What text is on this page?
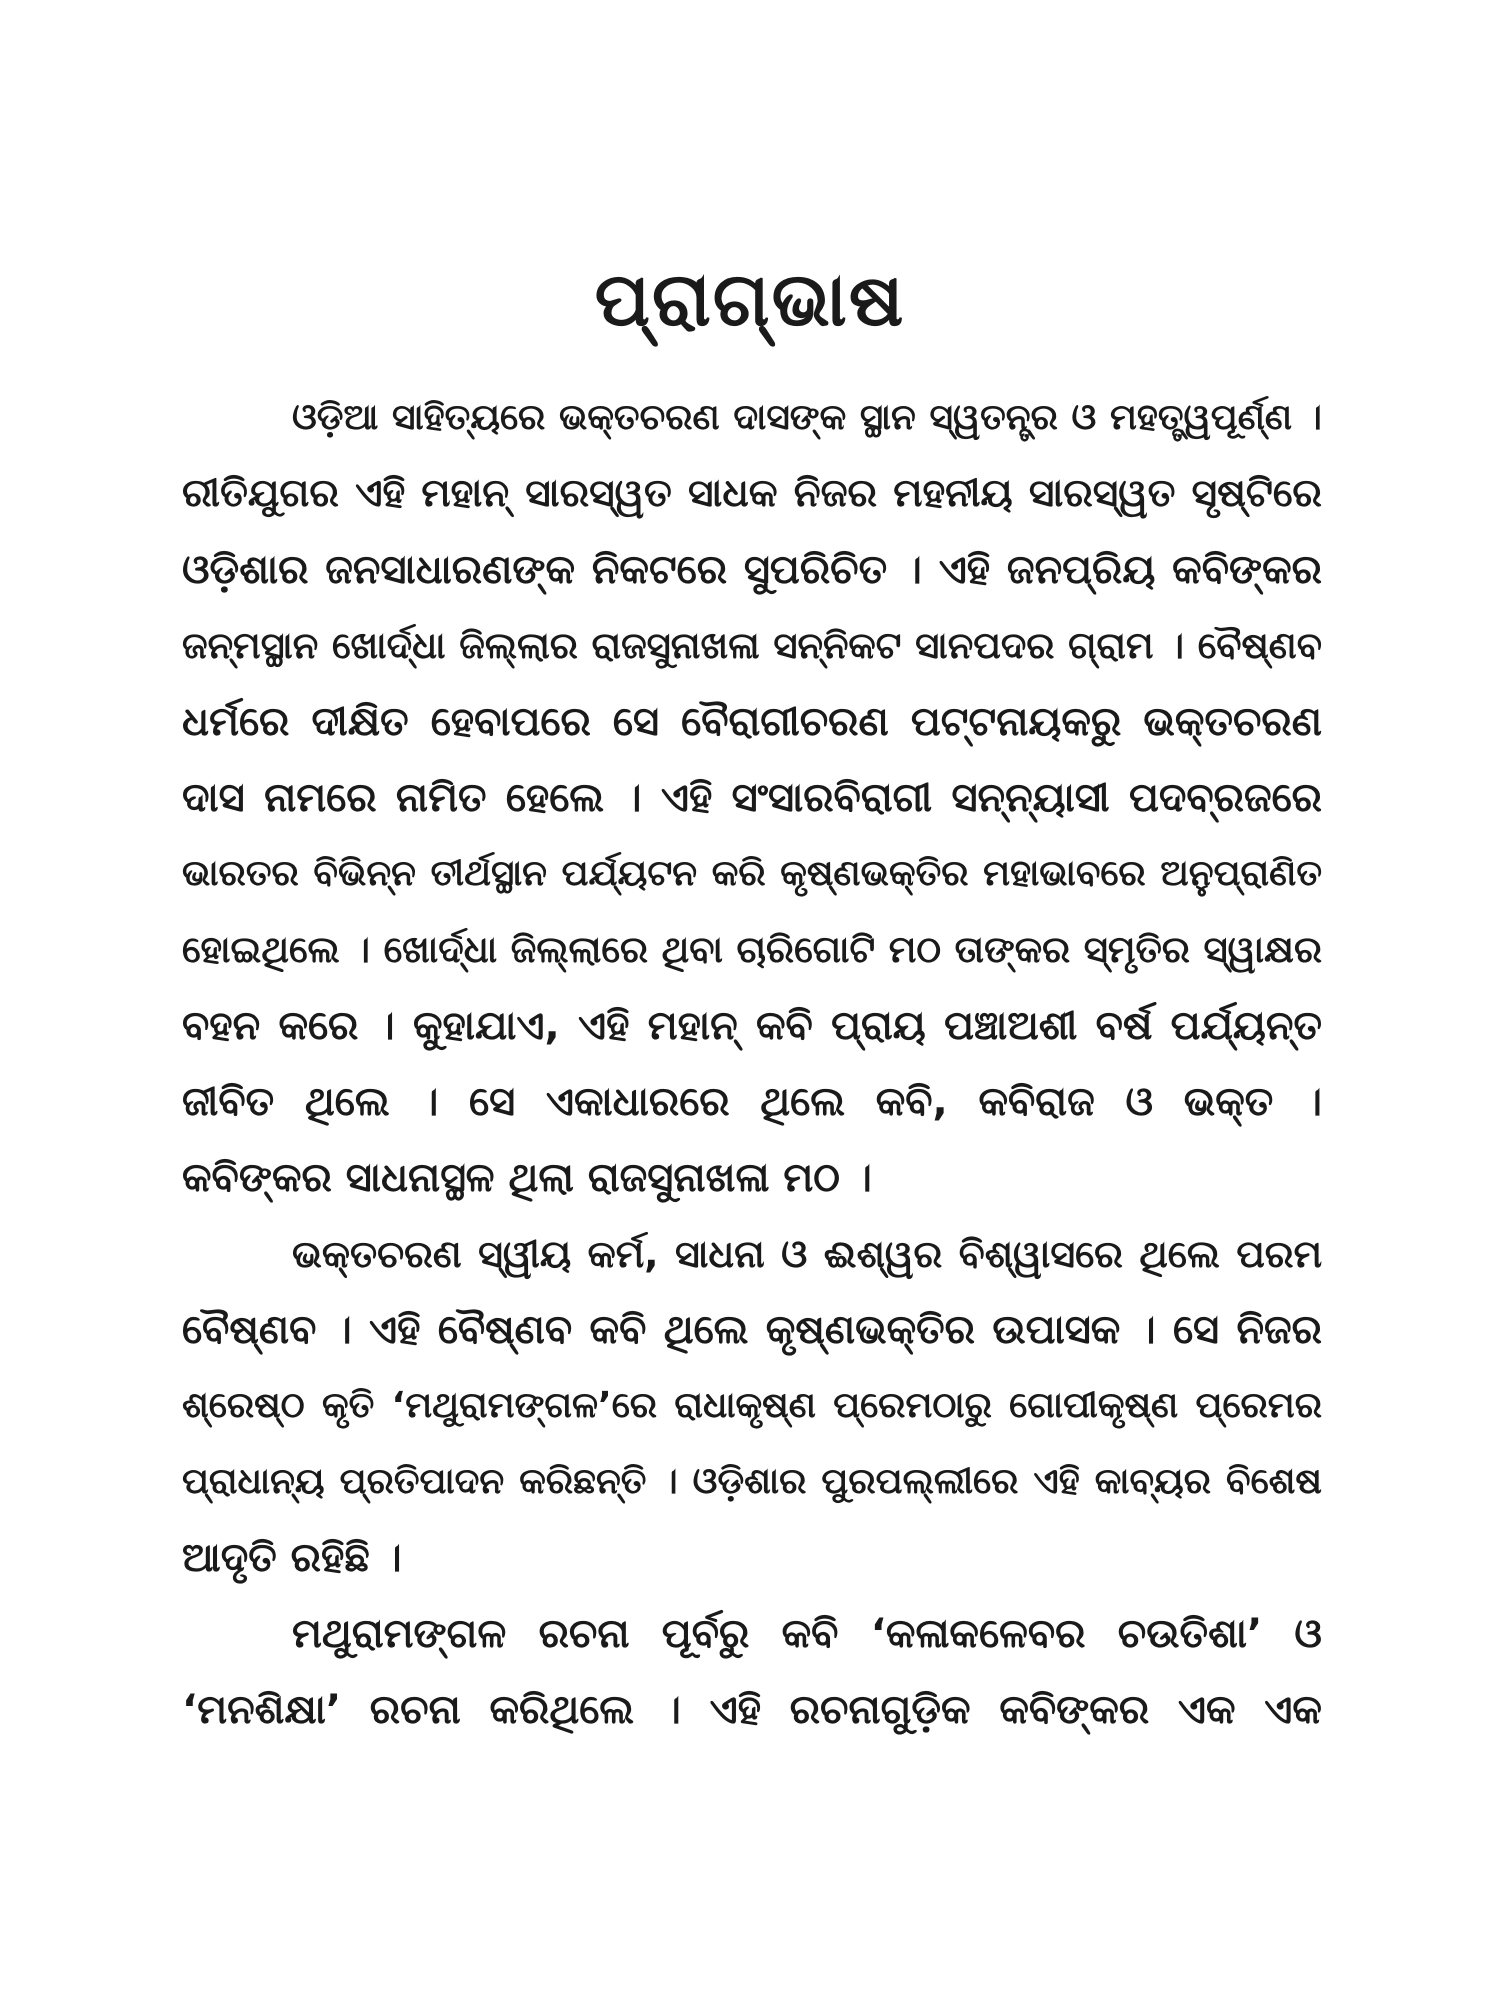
ପ୍ରାଗ୍‌ଭାଷ
ଓଡ଼ିଆ ସାହିତ୍ୟରେ ଭକ୍ତଚରଣ ଦାସଙ୍କ ସ୍ଥାନ ସ୍ୱତନ୍ତ୍ର ଓ ମହତ୍ତ୍ୱପୂର୍ଣ୍ଣ ।
ରୀତିଯୁଗର ଏହି ମହାନ୍ ସାରସ୍ୱତ ସାଧକ ନିଜର ମହନୀୟ ସାରସ୍ୱତ ସୃଷ୍ଟିରେ
ଓଡ଼ିଶାର ଜନସାଧାରଣଙ୍କ ନିକଟରେ ସୁପରିଚିତ । ଏହି ଜନପ୍ରିୟ କବିଙ୍କର
ଜନ୍ମସ୍ଥାନ ଖୋର୍ଦ୍ଧା ଜିଲ୍ଲାର ରାଜସୁନାଖଳା ସନ୍ନିକଟ ସାନପଦର ଗ୍ରାମ । ବୈଷ୍ଣବ
ଧର୍ମରେ ଦୀକ୍ଷିତ ହେବାପରେ ସେ ବୈରାଗୀଚରଣ ପଟ୍ଟନାୟକରୁ ଭକ୍ତଚରଣ
ଦାସ ନାମରେ ନାମିତ ହେଲେ । ଏହି ସଂସାରବିରାଗୀ ସନ୍ନ୍ୟାସୀ ପଦବ୍ରଜରେ
ଭାରତର ବିଭିନ୍ନ ତୀର୍ଥସ୍ଥାନ ପର୍ଯ୍ୟଟନ କରି କୃଷ୍ଣଭକ୍ତିର ମହାଭାବରେ ଅନୁପ୍ରାଣିତ
ହୋଇଥିଲେ । ଖୋର୍ଦ୍ଧା ଜିଲ୍ଲାରେ ଥିବା ଚାରିଗୋଟି ମଠ ତାଙ୍କର ସ୍ମୃତିର ସ୍ୱାକ୍ଷର
ବହନ କରେ । କୁହାଯାଏ, ଏହି ମହାନ୍ କବି ପ୍ରାୟ ପଞ୍ଚାଅଶୀ ବର୍ଷ ପର୍ଯ୍ୟନ୍ତ
ଜୀବିତ ଥିଲେ । ସେ ଏକାଧାରରେ ଥିଲେ କବି, କବିରାଜ ଓ ଭକ୍ତ ।
କବିଙ୍କର ସାଧନାସ୍ଥଳ ଥିଲା ରାଜସୁନାଖଳା ମଠ ।
ଭକ୍ତଚରଣ ସ୍ୱୀୟ କର୍ମ, ସାଧନା ଓ ଈଶ୍ୱର ବିଶ୍ୱାସରେ ଥିଲେ ପରମ
ବୈଷ୍ଣବ । ଏହି ବୈଷ୍ଣବ କବି ଥିଲେ କୃଷ୍ଣଭକ୍ତିର ଉପାସକ । ସେ ନିଜର
ଶ୍ରେଷ୍ଠ କୃତି ‘ମଥୁରାମଙ୍ଗଳ’ରେ ରାଧାକୃଷ୍ଣ ପ୍ରେମଠାରୁ ଗୋପୀକୃଷ୍ଣ ପ୍ରେମର
ପ୍ରାଧାନ୍ୟ ପ୍ରତିପାଦନ କରିଛନ୍ତି । ଓଡ଼ିଶାର ପୁରପଲ୍ଲୀରେ ଏହି କାବ୍ୟର ବିଶେଷ
ଆଦୃତି ରହିଛି ।
ମଥୁରାମଙ୍ଗଳ ରଚନା ପୂର୍ବରୁ କବି ‘କଳାକଳେବର ଚଉତିଶା’ ଓ
‘ମନଶିକ୍ଷା’ ରଚନା କରିଥିଲେ । ଏହି ରଚନାଗୁଡ଼ିକ କବିଙ୍କର ଏକ ଏକ
